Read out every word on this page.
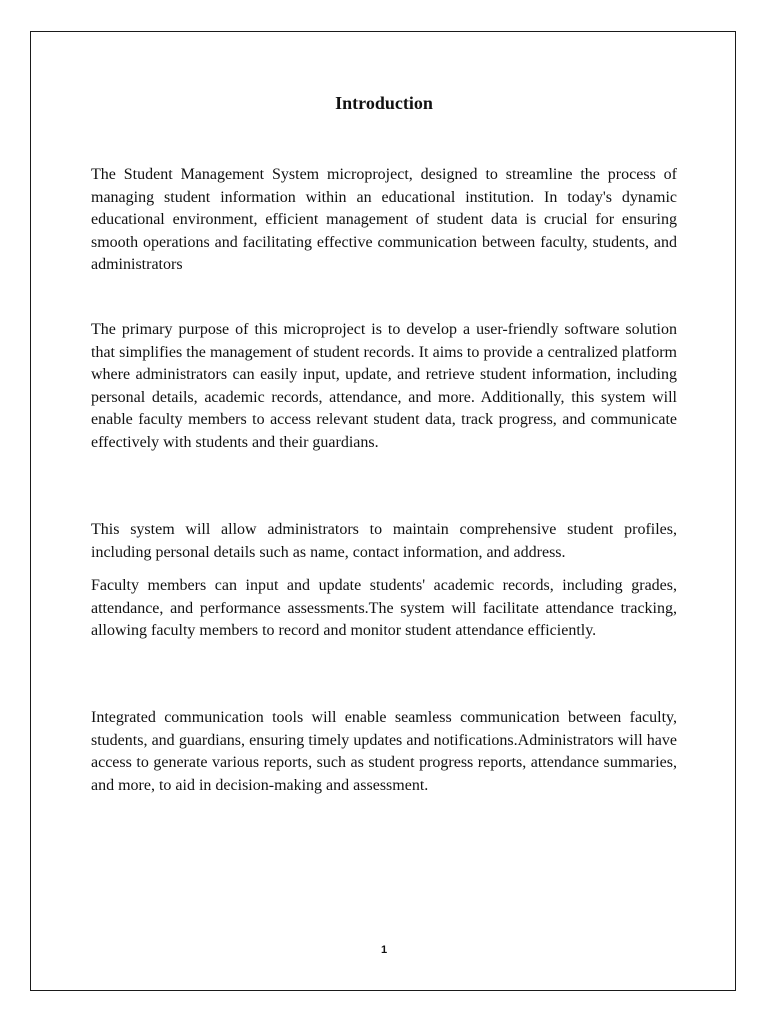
Introduction

The Student Management System microproject, designed to streamline the process of managing student information within an educational institution. In today's dynamic educational environment, efficient management of student data is crucial for ensuring smooth operations and facilitating effective communication between faculty, students, and administrators

The primary purpose of this microproject is to develop a user-friendly software solution that simplifies the management of student records. It aims to provide a centralized platform where administrators can easily input, update, and retrieve student information, including personal details, academic records, attendance, and more. Additionally, this system will enable faculty members to access relevant student data, track progress, and communicate effectively with students and their guardians.

This system will allow administrators to maintain comprehensive student profiles, including personal details such as name, contact information, and address.

Faculty members can input and update students' academic records, including grades, attendance, and performance assessments.The system will facilitate attendance tracking, allowing faculty members to record and monitor student attendance efficiently.

Integrated communication tools will enable seamless communication between faculty, students, and guardians, ensuring timely updates and notifications.Administrators will have access to generate various reports, such as student progress reports, attendance summaries, and more, to aid in decision-making and assessment.

1
